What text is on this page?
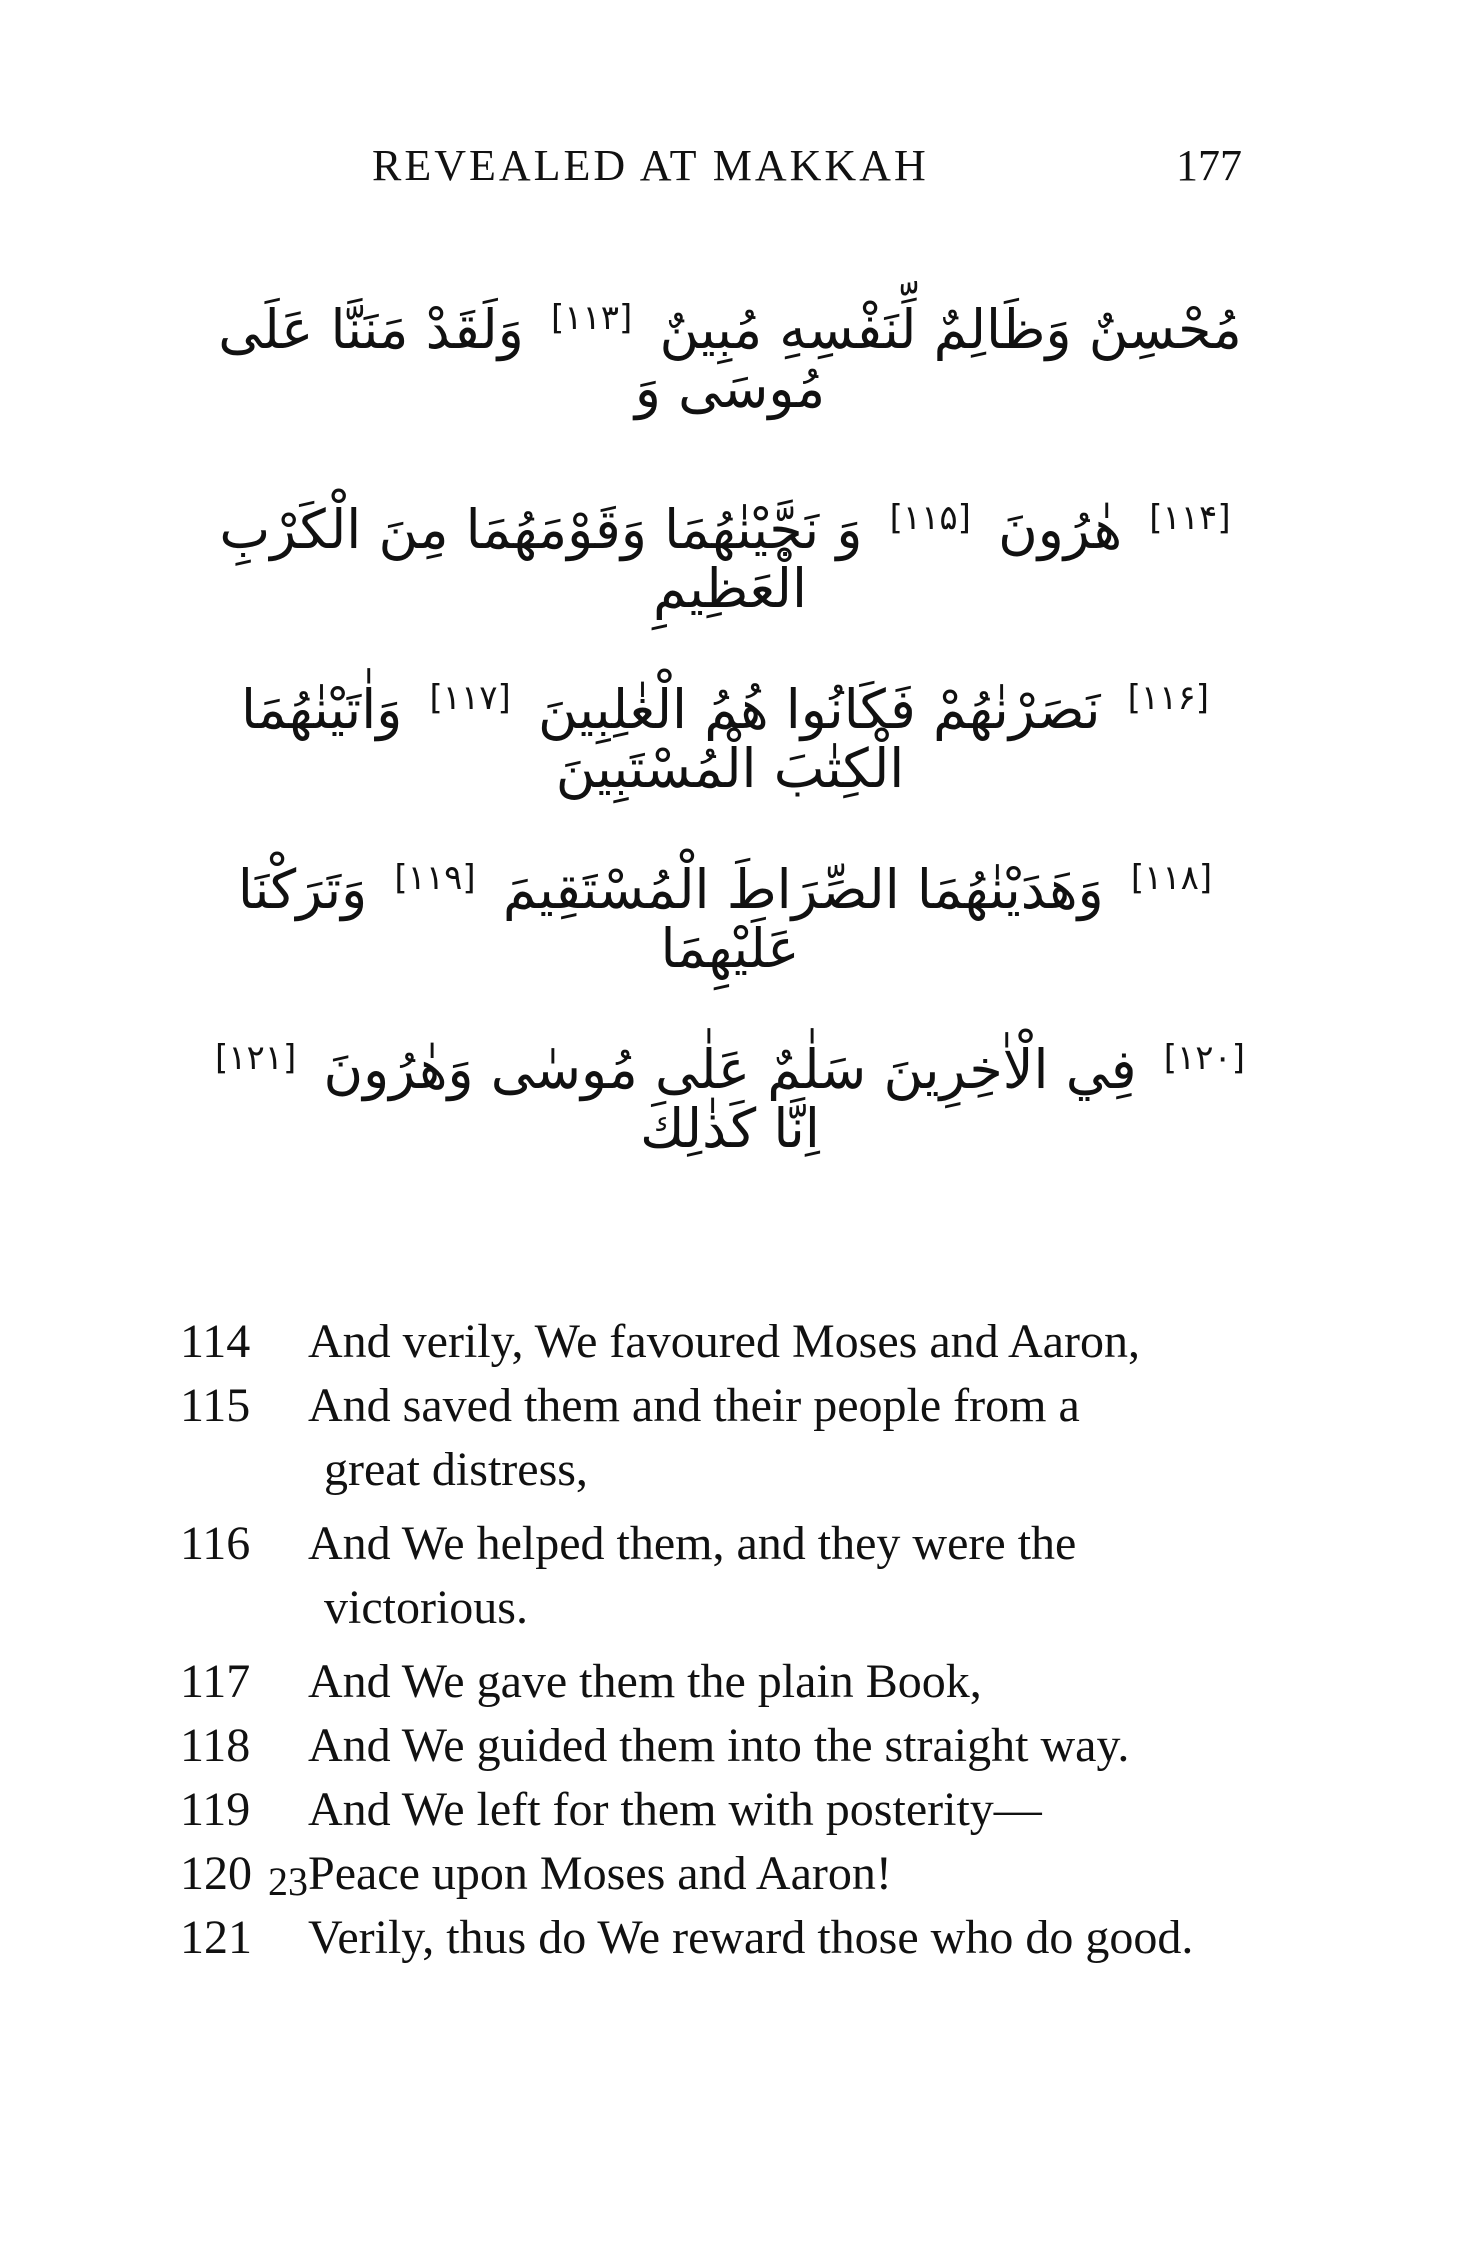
REVEALED AT MAKKAH	177
مُحْسِنٌ وَظَالِمٌ لِّنَفْسِهِ مُبِينٌ [۱۱۳] وَلَقَدْ مَنَنَّا عَلَى مُوسَى وَ
[۱۱۴] هٰرُونَ [۱۱۵] وَ نَجَّيْنٰهُمَا وَقَوْمَهُمَا مِنَ الْكَرْبِ الْعَظِيمِ
[۱۱۶] نَصَرْنٰهُمْ فَكَانُوا هُمُ الْغٰلِبِينَ [۱۱۷] وَاٰتَيْنٰهُمَا الْكِتٰبَ الْمُسْتَبِينَ
[۱۱۸] وَهَدَيْنٰهُمَا الصِّرَاطَ الْمُسْتَقِيمَ [۱۱۹] وَتَرَكْنَا عَلَيْهِمَا
[۱۲۰] فِي الْاٰخِرِينَ سَلٰمٌ عَلٰى مُوسٰى وَهٰرُونَ [۱۲۱] اِنَّا كَذٰلِكَ
114	And verily, We favoured Moses and Aaron,
115	And saved them and their people from a
great distress,
116	And We helped them, and they were the
victorious.
117	And We gave them the plain Book,
118	And We guided them into the straight way.
119	And We left for them with posterity—
120	Peace upon Moses and Aaron!
121	Verily, thus do We reward those who do good.
23
